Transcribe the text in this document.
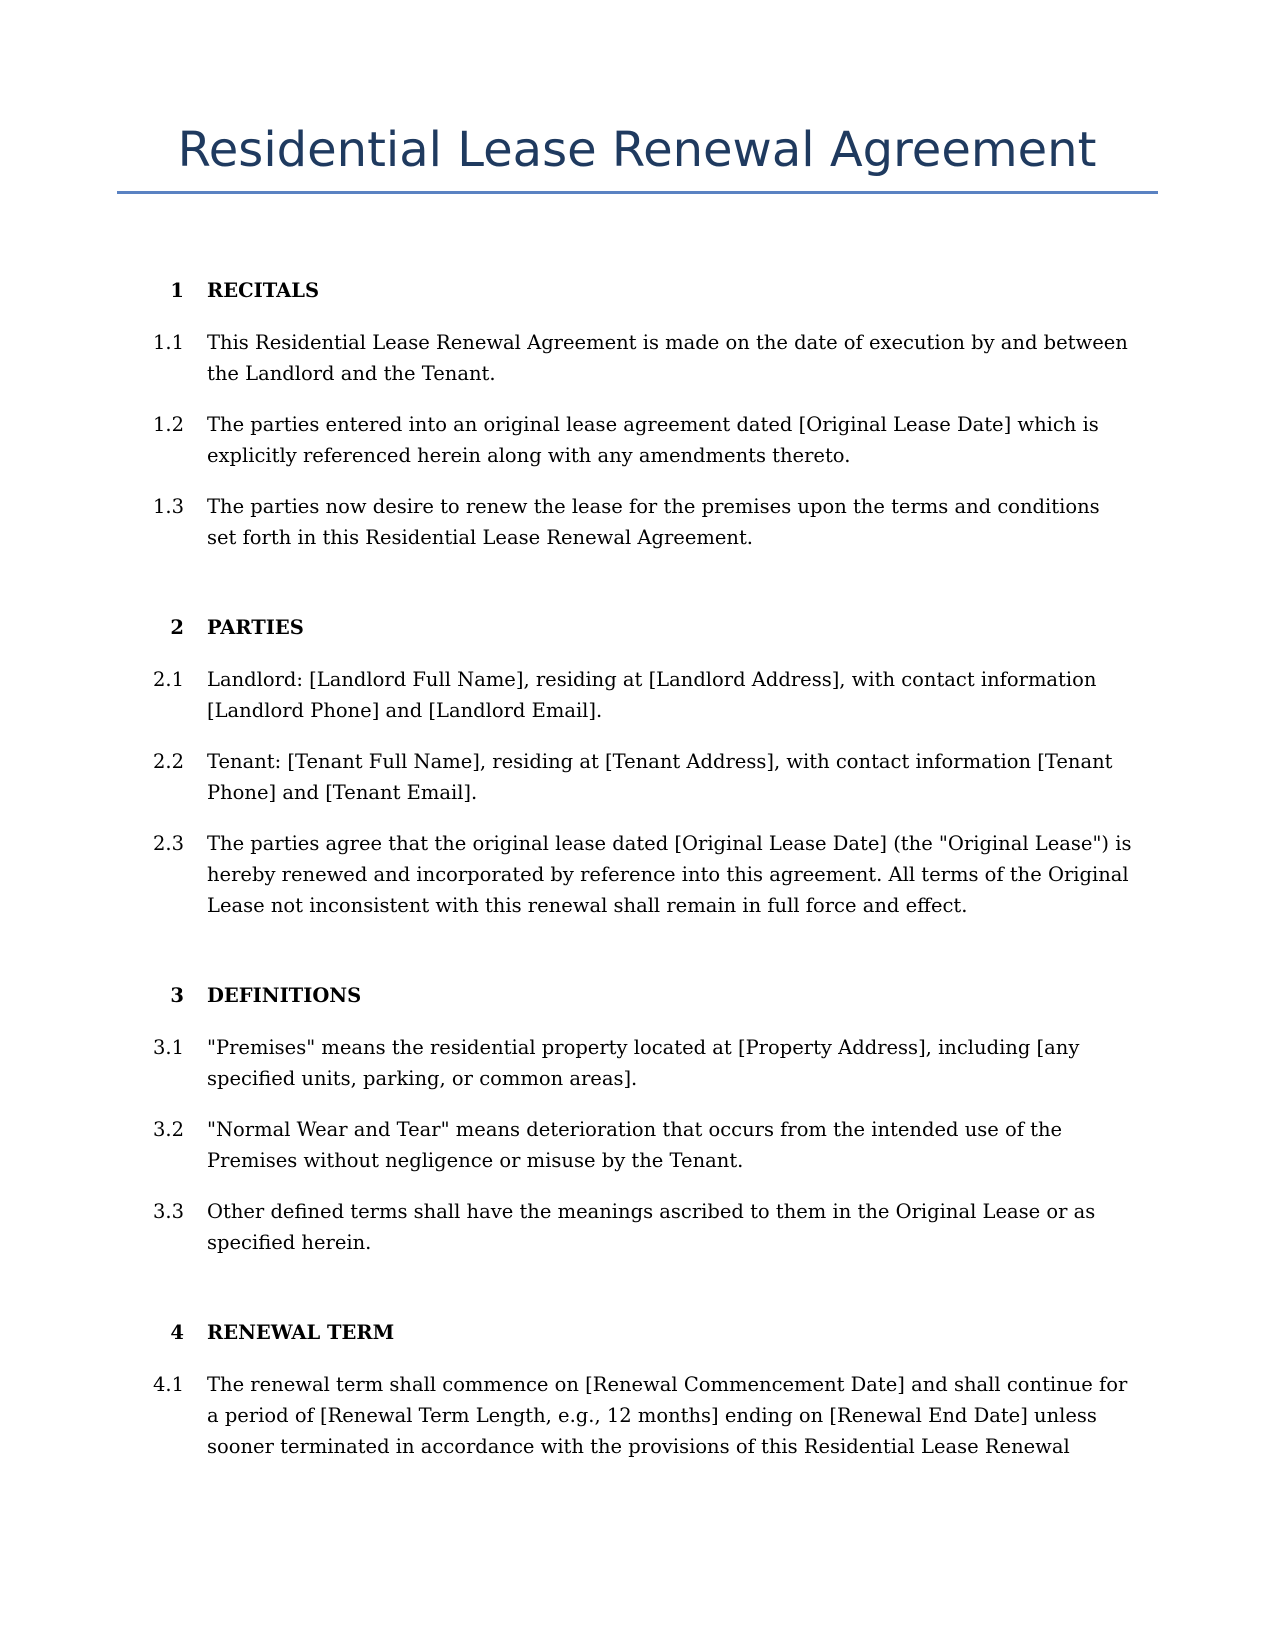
Residential Lease Renewal Agreement
1 RECITALS
1.1 This Residential Lease Renewal Agreement is made on the date of execution by and between the Landlord and the Tenant.
1.2 The parties entered into an original lease agreement dated [Original Lease Date] which is explicitly referenced herein along with any amendments thereto.
1.3 The parties now desire to renew the lease for the premises upon the terms and conditions set forth in this Residential Lease Renewal Agreement.
2 PARTIES
2.1 Landlord: [Landlord Full Name], residing at [Landlord Address], with contact information [Landlord Phone] and [Landlord Email].
2.2 Tenant: [Tenant Full Name], residing at [Tenant Address], with contact information [Tenant Phone] and [Tenant Email].
2.3 The parties agree that the original lease dated [Original Lease Date] (the "Original Lease") is hereby renewed and incorporated by reference into this agreement. All terms of the Original Lease not inconsistent with this renewal shall remain in full force and effect.
3 DEFINITIONS
3.1 "Premises" means the residential property located at [Property Address], including [any specified units, parking, or common areas].
3.2 "Normal Wear and Tear" means deterioration that occurs from the intended use of the Premises without negligence or misuse by the Tenant.
3.3 Other defined terms shall have the meanings ascribed to them in the Original Lease or as specified herein.
4 RENEWAL TERM
4.1 The renewal term shall commence on [Renewal Commencement Date] and shall continue for a period of [Renewal Term Length, e.g., 12 months] ending on [Renewal End Date] unless sooner terminated in accordance with the provisions of this Residential Lease Renewal
